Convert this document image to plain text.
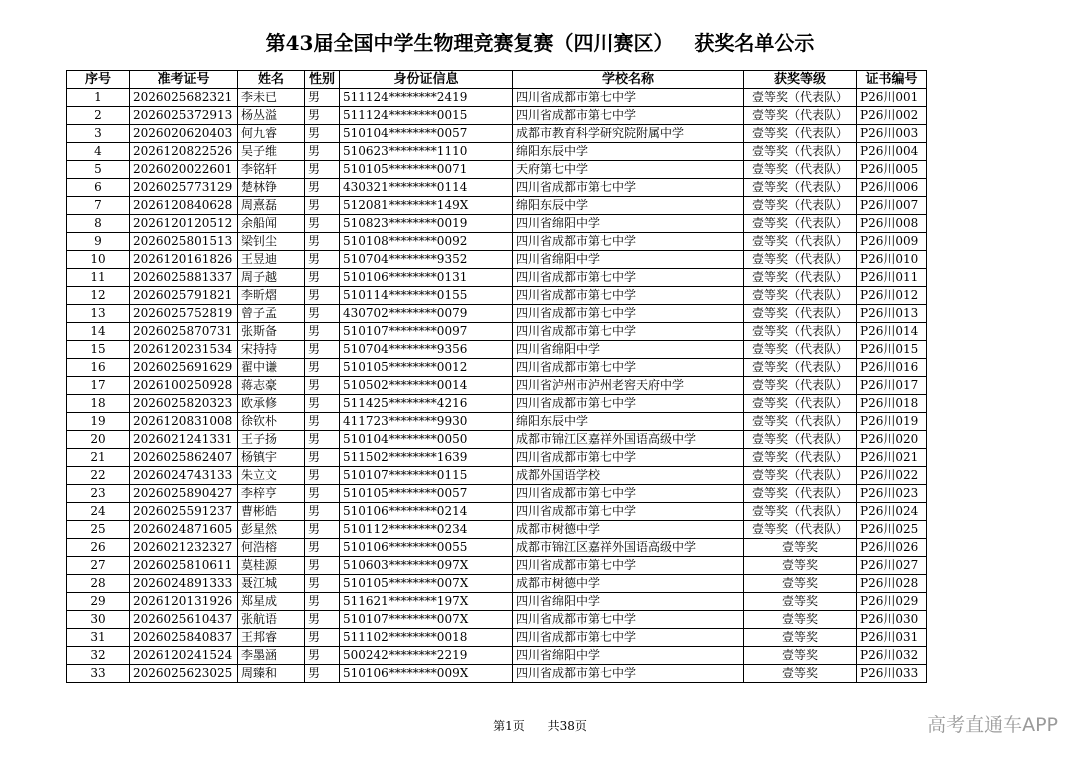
第43届全国中学生物理竞赛复赛（四川赛区）   获奖名单公示
序号	准考证号	姓名	性别	身份证信息	学校名称	获奖等级	证书编号
1	2026025682321	李未已	男	511124********2419	四川省成都市第七中学	壹等奖（代表队）	P26川001
2	2026025372913	杨丛溢	男	511124********0015	四川省成都市第七中学	壹等奖（代表队）	P26川002
3	2026020620403	何九睿	男	510104********0057	成都市教育科学研究院附属中学	壹等奖（代表队）	P26川003
4	2026120822526	吴子维	男	510623********1110	绵阳东辰中学	壹等奖（代表队）	P26川004
5	2026020022601	李铭轩	男	510105********0071	天府第七中学	壹等奖（代表队）	P26川005
6	2026025773129	楚林铮	男	430321********0114	四川省成都市第七中学	壹等奖（代表队）	P26川006
7	2026120840628	周熹磊	男	512081********149X	绵阳东辰中学	壹等奖（代表队）	P26川007
8	2026120120512	余船闻	男	510823********0019	四川省绵阳中学	壹等奖（代表队）	P26川008
9	2026025801513	梁钊尘	男	510108********0092	四川省成都市第七中学	壹等奖（代表队）	P26川009
10	2026120161826	王昱迪	男	510704********9352	四川省绵阳中学	壹等奖（代表队）	P26川010
11	2026025881337	周子越	男	510106********0131	四川省成都市第七中学	壹等奖（代表队）	P26川011
12	2026025791821	李昕熠	男	510114********0155	四川省成都市第七中学	壹等奖（代表队）	P26川012
13	2026025752819	曾子孟	男	430702********0079	四川省成都市第七中学	壹等奖（代表队）	P26川013
14	2026025870731	张斯备	男	510107********0097	四川省成都市第七中学	壹等奖（代表队）	P26川014
15	2026120231534	宋持持	男	510704********9356	四川省绵阳中学	壹等奖（代表队）	P26川015
16	2026025691629	翟中谦	男	510105********0012	四川省成都市第七中学	壹等奖（代表队）	P26川016
17	2026100250928	蒋志豪	男	510502********0014	四川省泸州市泸州老窖天府中学	壹等奖（代表队）	P26川017
18	2026025820323	欧承修	男	511425********4216	四川省成都市第七中学	壹等奖（代表队）	P26川018
19	2026120831008	徐钦朴	男	411723********9930	绵阳东辰中学	壹等奖（代表队）	P26川019
20	2026021241331	王子扬	男	510104********0050	成都市锦江区嘉祥外国语高级中学	壹等奖（代表队）	P26川020
21	2026025862407	杨镇宇	男	511502********1639	四川省成都市第七中学	壹等奖（代表队）	P26川021
22	2026024743133	朱立文	男	510107********0115	成都外国语学校	壹等奖（代表队）	P26川022
23	2026025890427	李梓亨	男	510105********0057	四川省成都市第七中学	壹等奖（代表队）	P26川023
24	2026025591237	曹彬皓	男	510106********0214	四川省成都市第七中学	壹等奖（代表队）	P26川024
25	2026024871605	彭星然	男	510112********0234	成都市树德中学	壹等奖（代表队）	P26川025
26	2026021232327	何浩榕	男	510106********0055	成都市锦江区嘉祥外国语高级中学	壹等奖	P26川026
27	2026025810611	莫桂源	男	510603********097X	四川省成都市第七中学	壹等奖	P26川027
28	2026024891333	聂江城	男	510105********007X	成都市树德中学	壹等奖	P26川028
29	2026120131926	郑星成	男	511621********197X	四川省绵阳中学	壹等奖	P26川029
30	2026025610437	张航语	男	510107********007X	四川省成都市第七中学	壹等奖	P26川030
31	2026025840837	王邦睿	男	511102********0018	四川省成都市第七中学	壹等奖	P26川031
32	2026120241524	李墨涵	男	500242********2219	四川省绵阳中学	壹等奖	P26川032
33	2026025623025	周臻和	男	510106********009X	四川省成都市第七中学	壹等奖	P26川033
第1页      共38页	高考直通车APP
